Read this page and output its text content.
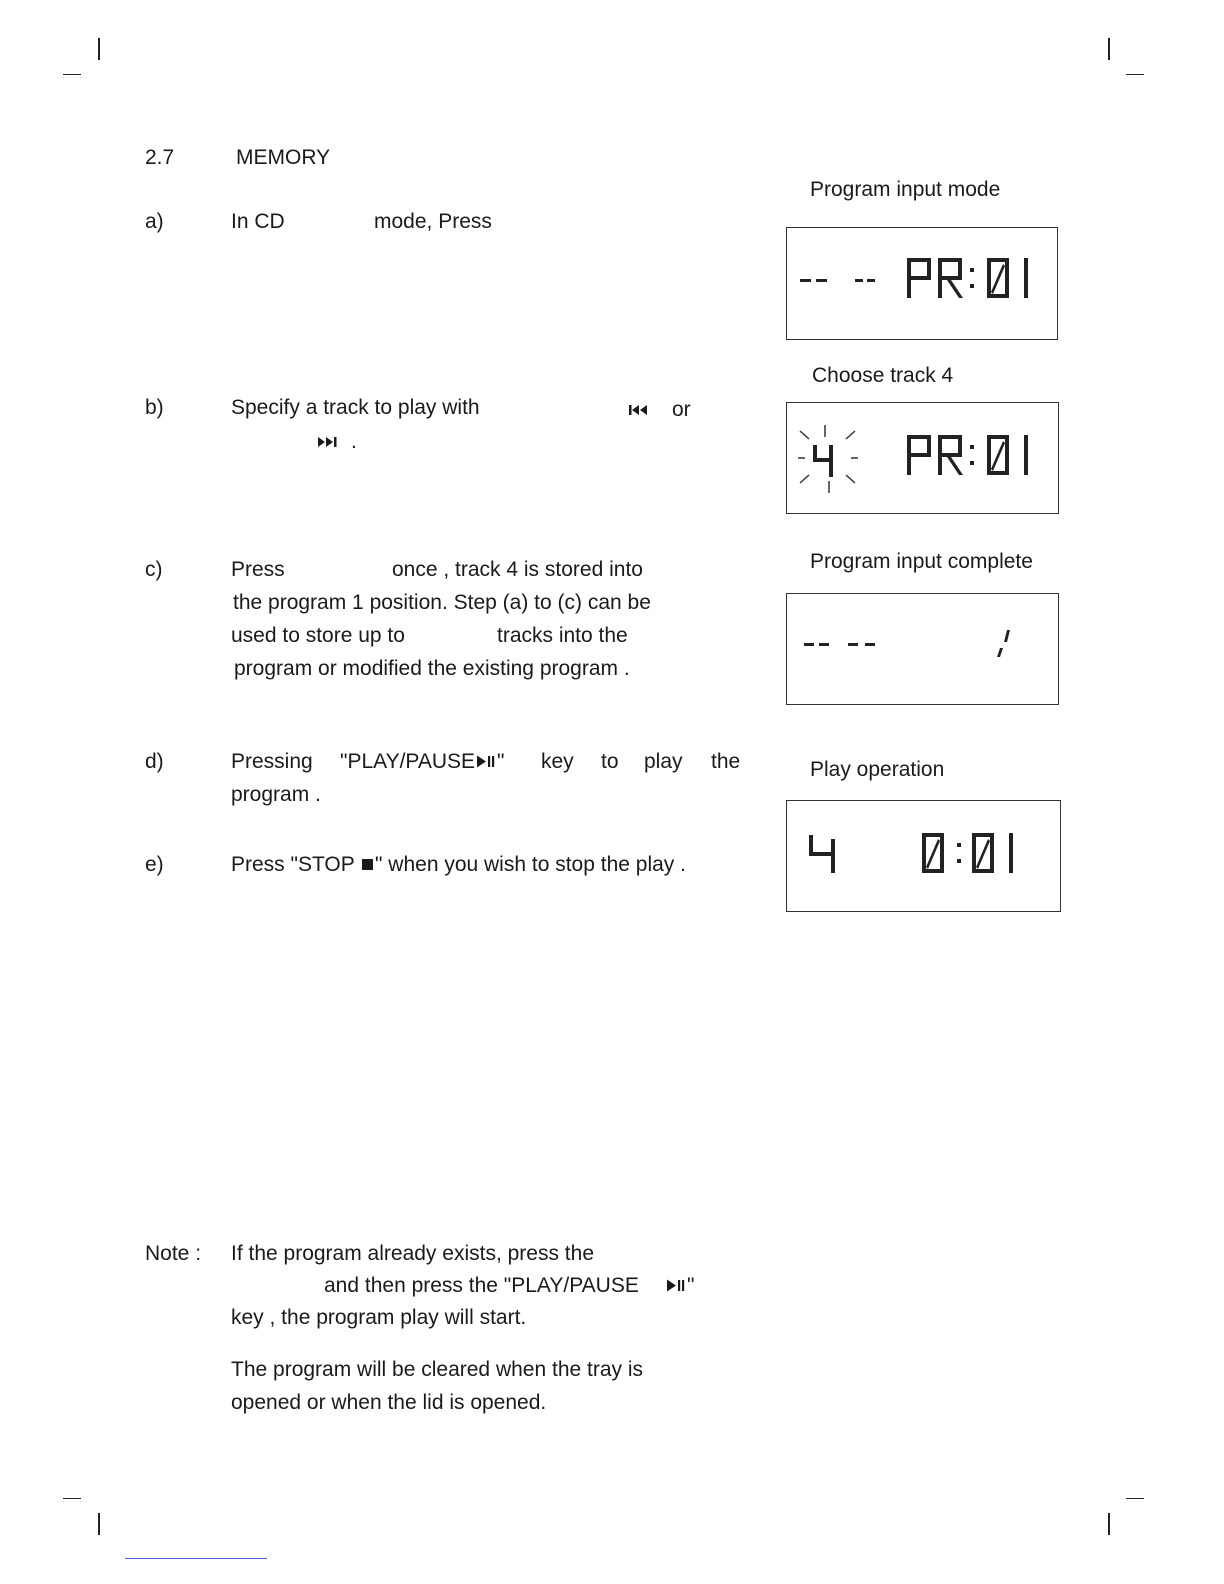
2.7	MEMORY
a)	In CD	mode, Press
b)	Specify a track to play with	or
.
c)	Press	once , track 4 is stored into
the program 1 position. Step (a) to (c) can be
used to store up to	tracks into the
program or modified the existing program .
d)	Pressing "PLAY/PAUSE " key to play the
program .
e)	Press "STOP " when you wish to stop the play .
Note : If the program already exists, press the
and then press the "PLAY/PAUSE "
key , the program play will start.
The program will be cleared when the tray is
opened or when the lid is opened.
Program input mode
Choose track 4
Program input complete
Play operation
